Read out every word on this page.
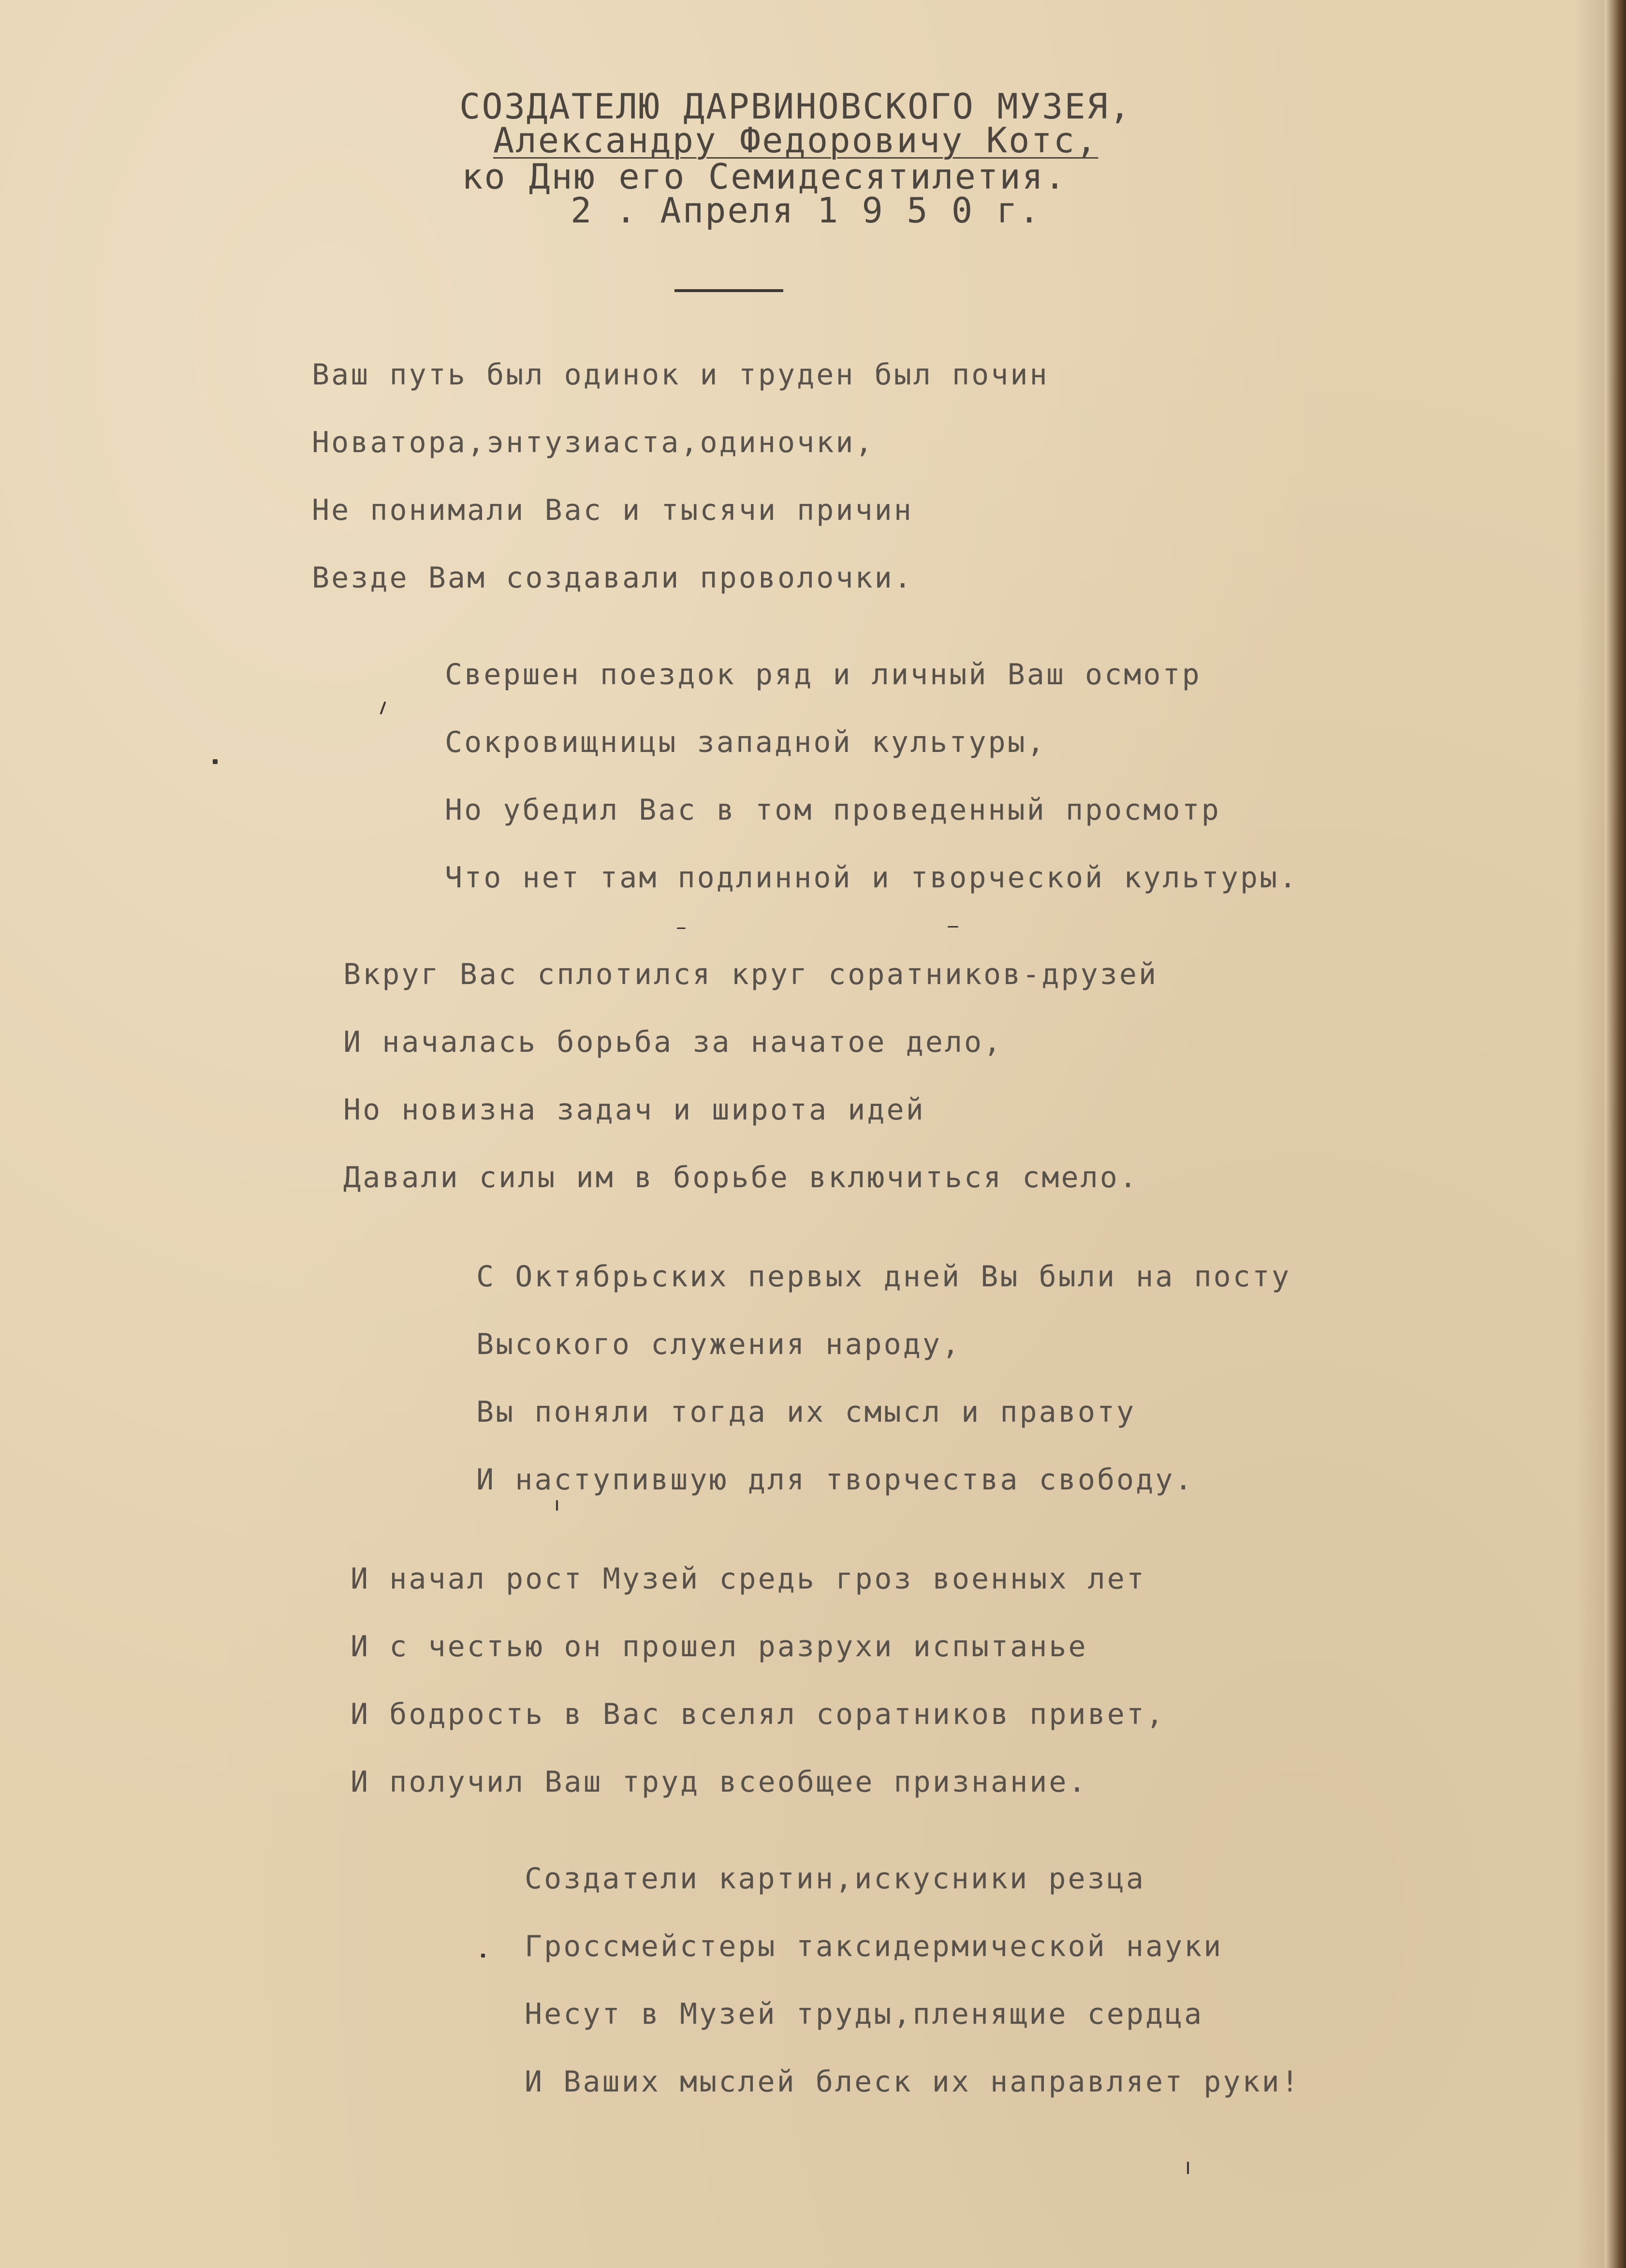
СОЗДАТЕЛЮ ДАРВИНОВСКОГО МУЗЕЯ,
Александру Федоровичу Котс,
ко Дню его Семидесятилетия.
2 . Апреля 1 9 5 0 г.
Ваш путь был одинок и труден был почин
Новатора,энтузиаста,одиночки,
Не понимали Вас и тысячи причин
Везде Вам создавали проволочки.
Свершен поездок ряд и личный Ваш осмотр
Сокровищницы западной культуры,
Но убедил Вас в том проведенный просмотр
Что нет там подлинной и творческой культуры.
Вкруг Вас сплотился круг соратников-друзей
И началась борьба за начатое дело,
Но новизна задач и широта идей
Давали силы им в борьбе включиться смело.
С Октябрьских первых дней Вы были на посту
Высокого служения народу,
Вы поняли тогда их смысл и правоту
И наступившую для творчества свободу.
И начал рост Музей средь гроз военных лет
И с честью он прошел разрухи испытанье
И бодрость в Вас вселял соратников привет,
И получил Ваш труд всеобщее признание.
Создатели картин,искусники резца
Гроссмейстеры таксидермической науки
Несут в Музей труды,пленящие сердца
И Ваших мыслей блеск их направляет руки!
